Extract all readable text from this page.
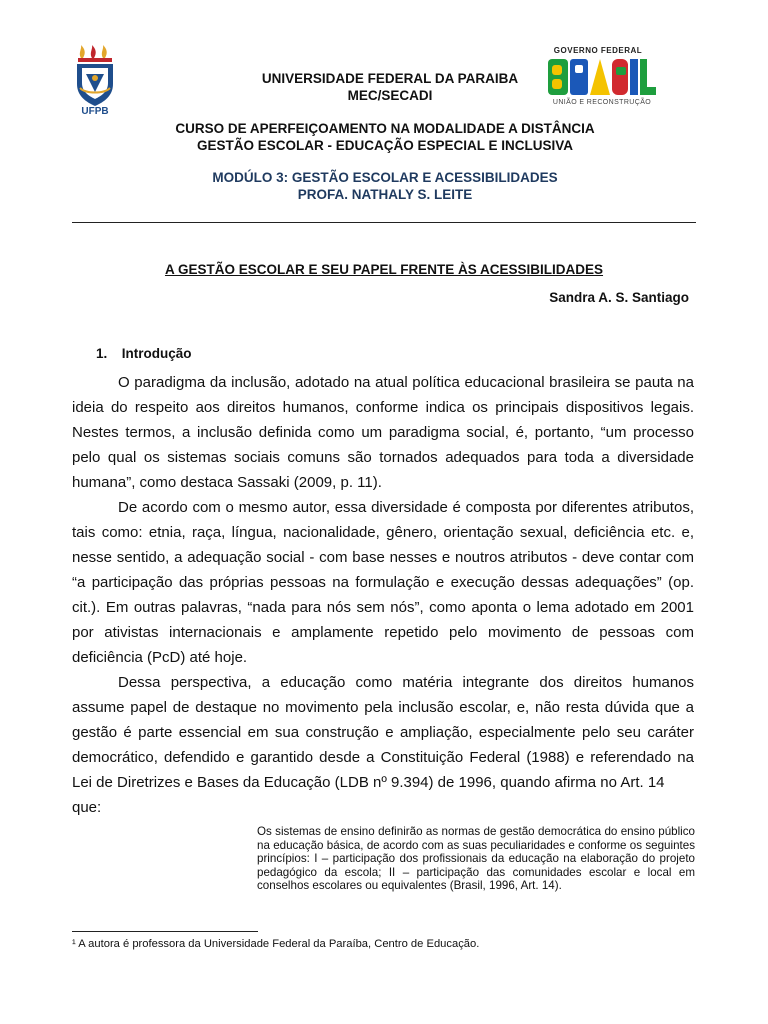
UFPB
GOVERNO FEDERAL
UNIÃO E RECONSTRUÇÃO
UNIVERSIDADE FEDERAL DA PARAIBA
MEC/SECADI
CURSO DE APERFEIÇOAMENTO NA MODALIDADE A DISTÂNCIA
GESTÃO ESCOLAR - EDUCAÇÃO ESPECIAL E INCLUSIVA
MODÚLO 3: GESTÃO ESCOLAR E ACESSIBILIDADES
PROFA. NATHALY S. LEITE
A GESTÃO ESCOLAR E SEU PAPEL FRENTE ÀS ACESSIBILIDADES
Sandra A. S. Santiago
1. Introdução

O paradigma da inclusão, adotado na atual política educacional brasileira se pauta na ideia do respeito aos direitos humanos, conforme indica os principais dispositivos legais. Nestes termos, a inclusão definida como um paradigma social, é, portanto, “um processo pelo qual os sistemas sociais comuns são tornados adequados para toda a diversidade humana”, como destaca Sassaki (2009, p. 11).

De acordo com o mesmo autor, essa diversidade é composta por diferentes atributos, tais como: etnia, raça, língua, nacionalidade, gênero, orientação sexual, deficiência etc. e, nesse sentido, a adequação social - com base nesses e noutros atributos - deve contar com “a participação das próprias pessoas na formulação e execução dessas adequações” (op. cit.). Em outras palavras, “nada para nós sem nós”, como aponta o lema adotado em 2001 por ativistas internacionais e amplamente repetido pelo movimento de pessoas com deficiência (PcD) até hoje.

Dessa perspectiva, a educação como matéria integrante dos direitos humanos assume papel de destaque no movimento pela inclusão escolar, e, não resta dúvida que a gestão é parte essencial em sua construção e ampliação, especialmente pelo seu caráter democrático, defendido e garantido desde a Constituição Federal (1988) e referendado na Lei de Diretrizes e Bases da Educação (LDB nº 9.394) de 1996, quando afirma no Art. 14

que:

Os sistemas de ensino definirão as normas de gestão democrática do ensino público na educação básica, de acordo com as suas peculiaridades e conforme os seguintes princípios: I – participação dos profissionais da educação na elaboração do projeto pedagógico da escola; II – participação das comunidades escolar e local em conselhos escolares ou equivalentes (Brasil, 1996, Art. 14).
¹ A autora é professora da Universidade Federal da Paraíba, Centro de Educação.
